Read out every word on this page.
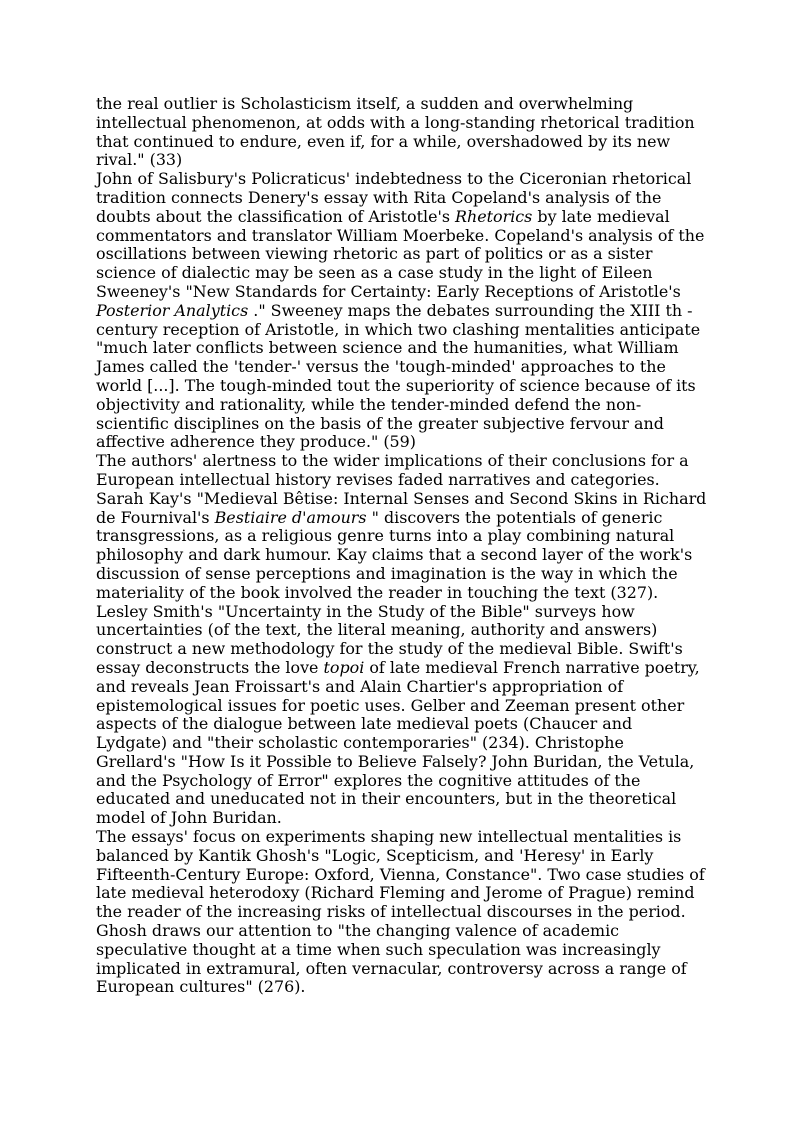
the real outlier is Scholasticism itself, a sudden and overwhelming intellectual phenomenon, at odds with a long-standing rhetorical tradition that continued to endure, even if, for a while, overshadowed by its new rival." (33)

John of Salisbury's Policraticus' indebtedness to the Ciceronian rhetorical tradition connects Denery's essay with Rita Copeland's analysis of the doubts about the classification of Aristotle's Rhetorics by late medieval commentators and translator William Moerbeke. Copeland's analysis of the oscillations between viewing rhetoric as part of politics or as a sister science of dialectic may be seen as a case study in the light of Eileen Sweeney's "New Standards for Certainty: Early Receptions of Aristotle's Posterior Analytics ." Sweeney maps the debates surrounding the XIII th -century reception of Aristotle, in which two clashing mentalities anticipate "much later conflicts between science and the humanities, what William James called the 'tender-' versus the 'tough-minded' approaches to the world [...]. The tough-minded tout the superiority of science because of its objectivity and rationality, while the tender-minded defend the non-scientific disciplines on the basis of the greater subjective fervour and affective adherence they produce." (59)

The authors' alertness to the wider implications of their conclusions for a European intellectual history revises faded narratives and categories. Sarah Kay's "Medieval Bêtise: Internal Senses and Second Skins in Richard de Fournival's Bestiaire d'amours " discovers the potentials of generic transgressions, as a religious genre turns into a play combining natural philosophy and dark humour. Kay claims that a second layer of the work's discussion of sense perceptions and imagination is the way in which the materiality of the book involved the reader in touching the text (327). Lesley Smith's "Uncertainty in the Study of the Bible" surveys how uncertainties (of the text, the literal meaning, authority and answers) construct a new methodology for the study of the medieval Bible. Swift's essay deconstructs the love topoi of late medieval French narrative poetry, and reveals Jean Froissart's and Alain Chartier's appropriation of epistemological issues for poetic uses. Gelber and Zeeman present other aspects of the dialogue between late medieval poets (Chaucer and Lydgate) and "their scholastic contemporaries" (234). Christophe Grellard's "How Is it Possible to Believe Falsely? John Buridan, the Vetula, and the Psychology of Error" explores the cognitive attitudes of the educated and uneducated not in their encounters, but in the theoretical model of John Buridan.

The essays' focus on experiments shaping new intellectual mentalities is balanced by Kantik Ghosh's "Logic, Scepticism, and 'Heresy' in Early Fifteenth-Century Europe: Oxford, Vienna, Constance". Two case studies of late medieval heterodoxy (Richard Fleming and Jerome of Prague) remind the reader of the increasing risks of intellectual discourses in the period. Ghosh draws our attention to "the changing valence of academic speculative thought at a time when such speculation was increasingly implicated in extramural, often vernacular, controversy across a range of European cultures" (276).
